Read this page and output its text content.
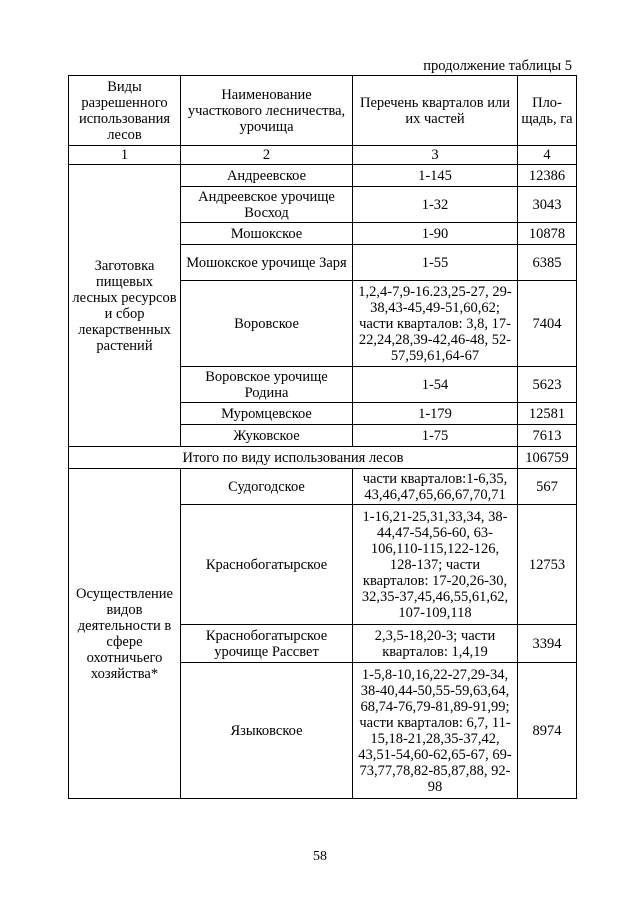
продолжение таблицы 5
Виды разрешенного использования лесов	Наименование участкового лесничества, урочища	Перечень кварталов или их частей	Пло-щадь, га
1	2	3	4
Заготовка пищевых лесных ресурсов и сбор лекарственных растений	Андреевское	1-145	12386
	Андреевское урочище Восход	1-32	3043
	Мошокское	1-90	10878
	Мошокское урочище Заря	1-55	6385
	Воровское	1,2,4-7,9-16.23,25-27, 29-38,43-45,49-51,60,62; части кварталов: 3,8, 17-22,24,28,39-42,46-48, 52-57,59,61,64-67	7404
	Воровское урочище Родина	1-54	5623
	Муромцевское	1-179	12581
	Жуковское	1-75	7613
Итого по виду использования лесов			106759
Осуществление видов деятельности в сфере охотничьего хозяйства*	Судогодское	части кварталов:1-6,35, 43,46,47,65,66,67,70,71	567
	Краснобогатырское	1-16,21-25,31,33,34, 38-44,47-54,56-60, 63-106,110-115,122-126, 128-137; части кварталов: 17-20,26-30, 32,35-37,45,46,55,61,62, 107-109,118	12753
	Краснобогатырское урочище Рассвет	2,3,5-18,20-3; части кварталов: 1,4,19	3394
	Языковское	1-5,8-10,16,22-27,29-34, 38-40,44-50,55-59,63,64, 68,74-76,79-81,89-91,99; части кварталов: 6,7, 11-15,18-21,28,35-37,42, 43,51-54,60-62,65-67, 69-73,77,78,82-85,87,88, 92-98	8974
58
